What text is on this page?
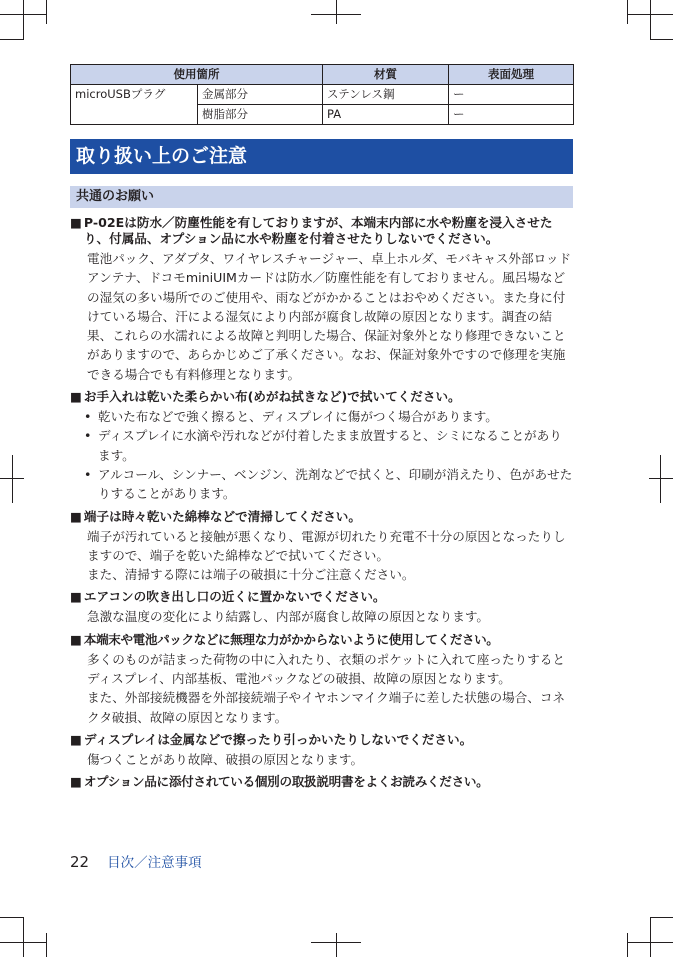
使用箇所		材質	表面処理
microUSBプラグ	金属部分	ステンレス鋼	ー
	樹脂部分	PA	ー
取り扱い上のご注意
共通のお願い
■ P-02Eは防水／防塵性能を有しておりますが、本端末内部に水や粉塵を浸入させたり、付属品、オプション品に水や粉塵を付着させたりしないでください。

電池パック、アダプタ、ワイヤレスチャージャー、卓上ホルダ、モバキャス外部ロッドアンテナ、ドコモminiUIMカードは防水／防塵性能を有しておりません。風呂場などの湿気の多い場所でのご使用や、雨などがかかることはおやめください。また身に付けている場合、汗による湿気により内部が腐食し故障の原因となります。調査の結果、これらの水濡れによる故障と判明した場合、保証対象外となり修理できないことがありますので、あらかじめご了承ください。なお、保証対象外ですので修理を実施できる場合でも有料修理となります。

■ お手入れは乾いた柔らかい布(めがね拭きなど)で拭いてください。
• 乾いた布などで強く擦ると、ディスプレイに傷がつく場合があります。
• ディスプレイに水滴や汚れなどが付着したまま放置すると、シミになることがあります。
• アルコール、シンナー、ベンジン、洗剤などで拭くと、印刷が消えたり、色があせたりすることがあります。
■ 端子は時々乾いた綿棒などで清掃してください。

端子が汚れていると接触が悪くなり、電源が切れたり充電不十分の原因となったりしますので、端子を乾いた綿棒などで拭いてください。

また、清掃する際には端子の破損に十分ご注意ください。

■ エアコンの吹き出し口の近くに置かないでください。

急激な温度の変化により結露し、内部が腐食し故障の原因となります。

■ 本端末や電池パックなどに無理な力がかからないように使用してください。

多くのものが詰まった荷物の中に入れたり、衣類のポケットに入れて座ったりするとディスプレイ、内部基板、電池パックなどの破損、故障の原因となります。

また、外部接続機器を外部接続端子やイヤホンマイク端子に差した状態の場合、コネクタ破損、故障の原因となります。

■ ディスプレイは金属などで擦ったり引っかいたりしないでください。

傷つくことがあり故障、破損の原因となります。

■ オプション品に添付されている個別の取扱説明書をよくお読みください。
22 目次／注意事項
